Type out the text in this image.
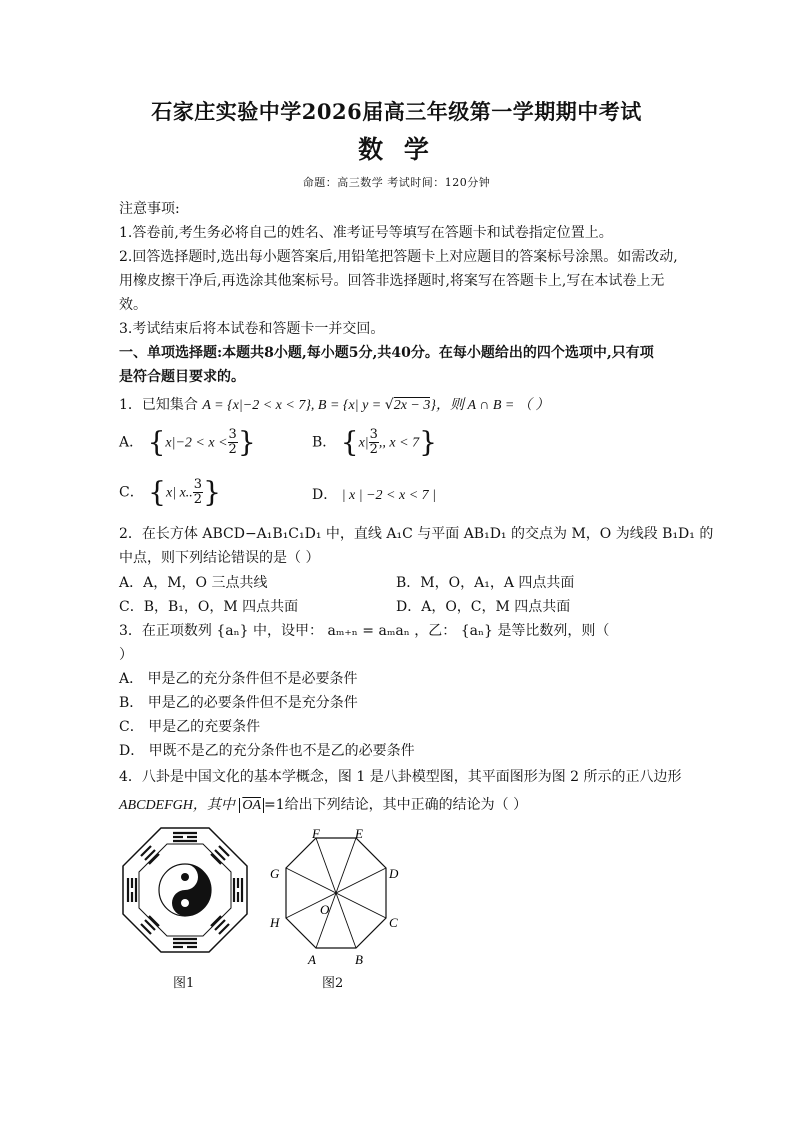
石家庄实验中学2026届高三年级第一学期期中考试
数 学
命题：高三数学 考试时间：120分钟
注意事项:
1.答卷前,考生务必将自己的姓名、准考证号等填写在答题卡和试卷指定位置上。
2.回答选择题时,选出每小题答案后,用铅笔把答题卡上对应题目的答案标号涂黑。如需改动,
用橡皮擦干净后,再选涂其他案标号。回答非选择题时,将案写在答题卡上,写在本试卷上无
效。
3.考试结束后将本试卷和答题卡一并交回。
一、单项选择题:本题共8小题,每小题5分,共40分。在每小题给出的四个选项中,只有项
是符合题目要求的。
1．已知集合 A = {x|−2 < x < 7}, B = {x| y = √2x − 3}，则 A ∩ B = （ ）
A． {$x|-2 < x < \frac{3}{2}$ }	B． {$x| \frac{3}{2}$ ,, x < 7}
C． {x| x.. $\frac{3}{2}$ }	D． | x | −2 < x < 7 |
2．在长方体 ABCD−A₁B₁C₁D₁ 中，直线 A₁C 与平面 AB₁D₁ 的交点为 M，O 为线段 B₁D₁ 的
中点，则下列结论错误的是（ ）
A．A，M，O 三点共线	B．M，O，A₁，A 四点共面
C．B，B₁，O，M 四点共面	D．A，O，C，M 四点共面
3．在正项数列 {aₙ} 中，设甲： aₘ₊ₙ = aₘaₙ ，乙： {aₙ} 是等比数列，则（
）
A． 甲是乙的充分条件但不是必要条件
B． 甲是乙的必要条件但不是充分条件
C． 甲是乙的充要条件
D． 甲既不是乙的充分条件也不是乙的必要条件
4．八卦是中国文化的基本学概念，图 1 是八卦模型图，其平面图形为图 2 所示的正八边形
ABCDEFGH，其中 $\overline{OA} =1$给出下列结论，其中正确的结论为（ ）
F	E
D
C
B
A
H
G
O
图1	图2
